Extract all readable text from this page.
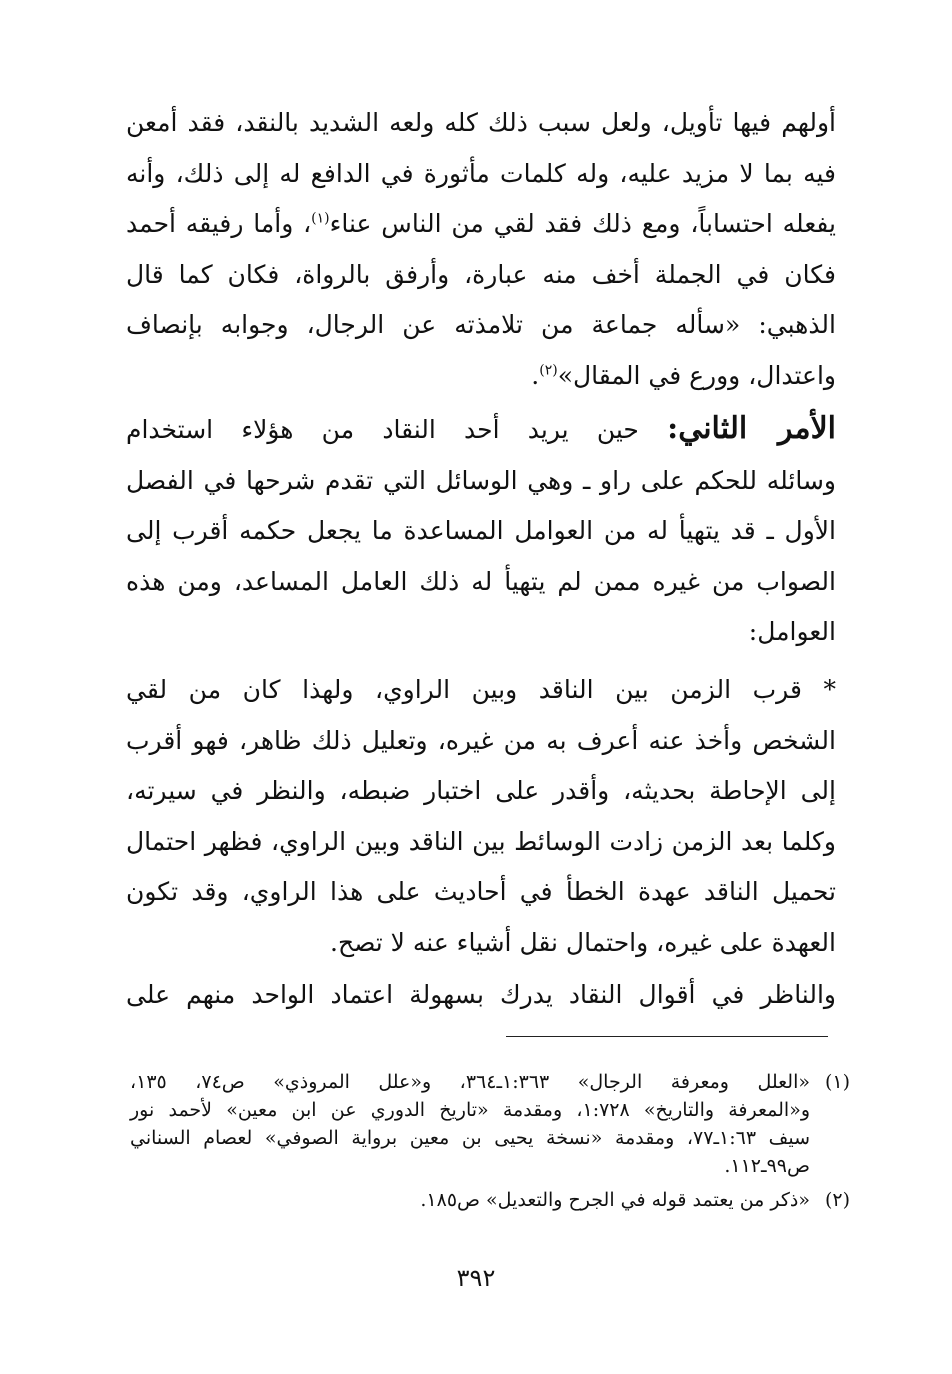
أولهم فيها تأويل، ولعل سبب ذلك كله ولعه الشديد بالنقد، فقد أمعن
فيه بما لا مزيد عليه، وله كلمات مأثورة في الدافع له إلى ذلك، وأنه
يفعله احتساباً، ومع ذلك فقد لقي من الناس عناء$^{(١)}$، وأما رفيقه أحمد
فكان في الجملة أخف منه عبارة، وأرفق بالرواة، فكان كما قال
الذهبي: «سأله جماعة من تلامذته عن الرجال، وجوابه بإنصاف
واعتدال، وورع في المقال»$^{(٢)}$.
الأمر الثاني: حين يريد أحد النقاد من هؤلاء استخدام
وسائله للحكم على راو ـ وهي الوسائل التي تقدم شرحها في الفصل
الأول ـ قد يتهيأ له من العوامل المساعدة ما يجعل حكمه أقرب إلى
الصواب من غيره ممن لم يتهيأ له ذلك العامل المساعد، ومن هذه
العوامل:
* قرب الزمن بين الناقد وبين الراوي، ولهذا كان من لقي
الشخص وأخذ عنه أعرف به من غيره، وتعليل ذلك ظاهر، فهو أقرب
إلى الإحاطة بحديثه، وأقدر على اختبار ضبطه، والنظر في سيرته،
وكلما بعد الزمن زادت الوسائط بين الناقد وبين الراوي، فظهر احتمال
تحميل الناقد عهدة الخطأ في أحاديث على هذا الراوي، وقد تكون
العهدة على غيره، واحتمال نقل أشياء عنه لا تصح.
والناظر في أقوال النقاد يدرك بسهولة اعتماد الواحد منهم على
(١)
«العلل ومعرفة الرجال» ١:٣٦٣ـ٣٦٤، و«علل المروذي» ص٧٤، ١٣٥،
و«المعرفة والتاريخ» ١:٧٢٨، ومقدمة «تاريخ الدوري عن ابن معين» لأحمد نور
سيف ١:٦٣ـ٧٧، ومقدمة «نسخة يحيى بن معين برواية الصوفي» لعصام السناني
ص٩٩ـ١١٢.
(٢)
«ذكر من يعتمد قوله في الجرح والتعديل» ص١٨٥.
٣٩٢
